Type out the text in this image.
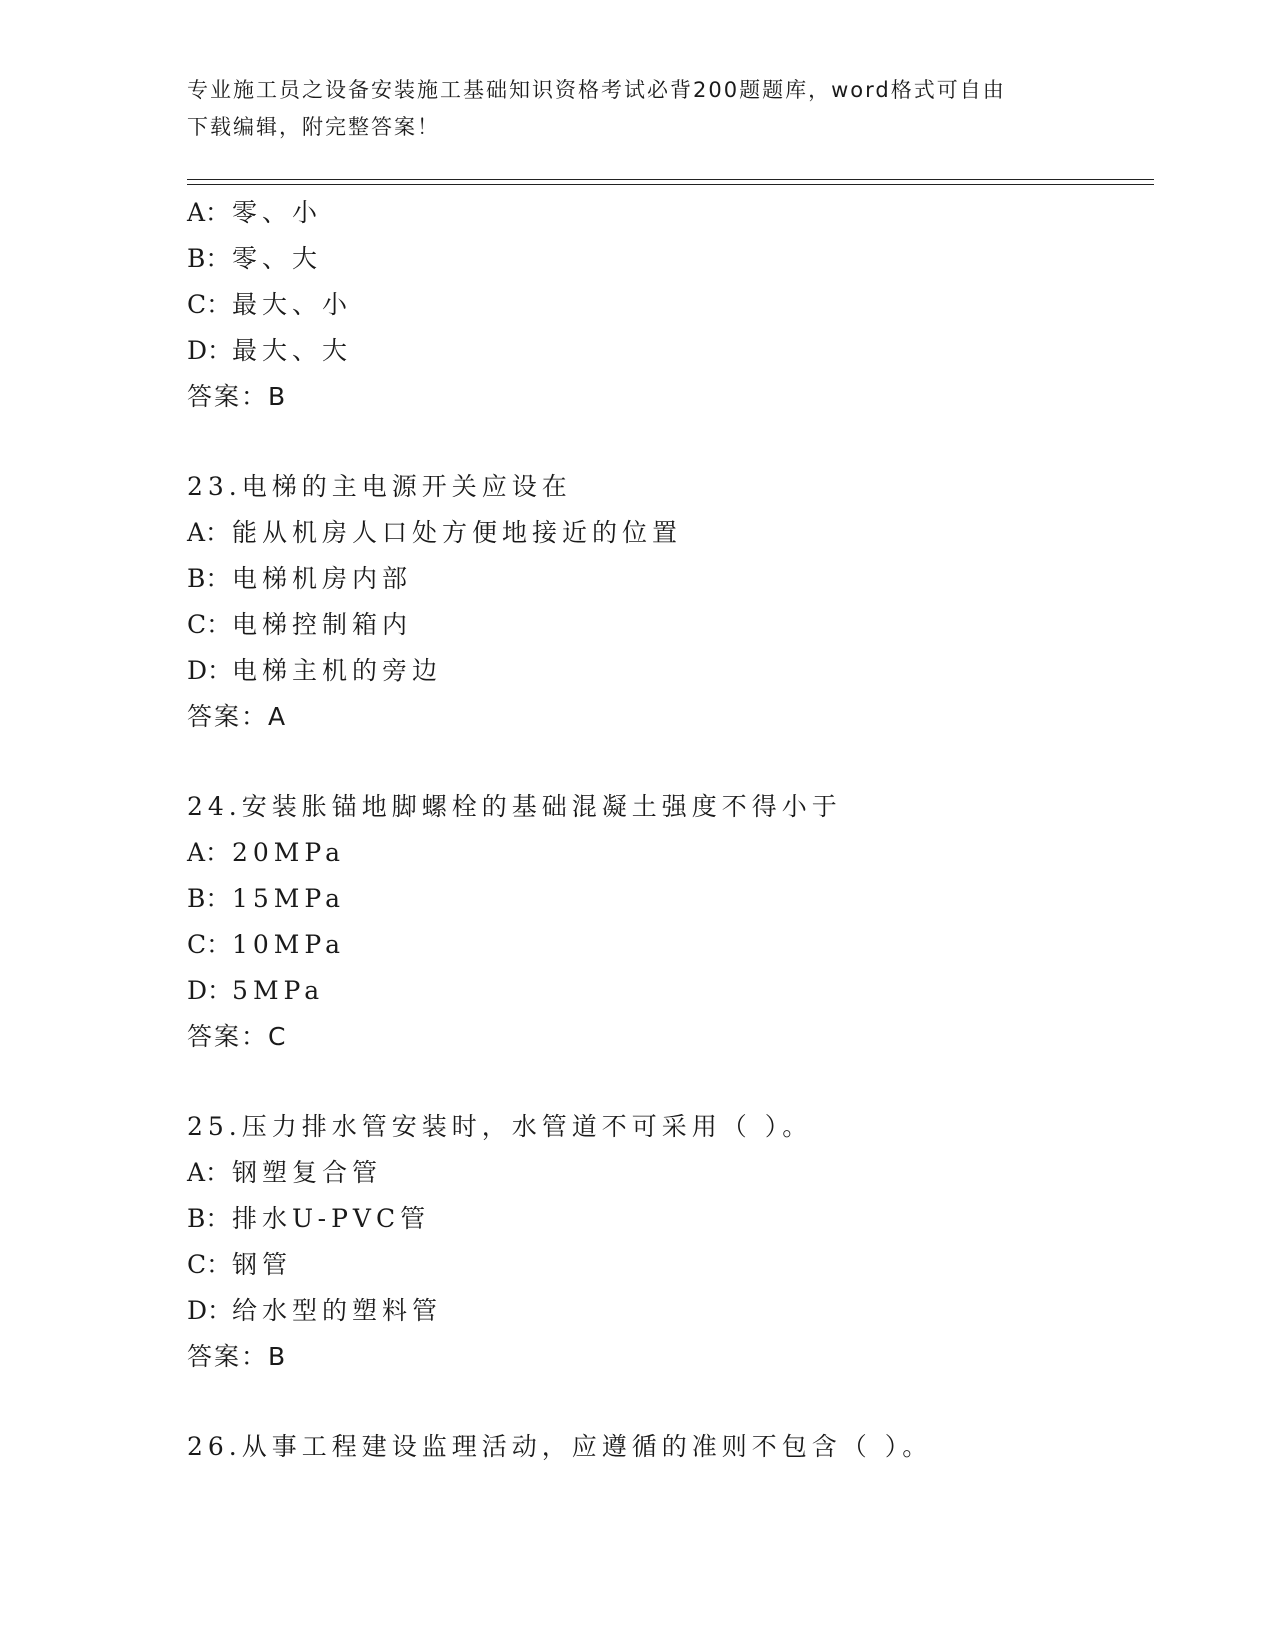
专业施工员之设备安装施工基础知识资格考试必背200题题库，word格式可自由
下载编辑，附完整答案！
A：零、小
B：零、大
C：最大、小
D：最大、大
答案：B
23.电梯的主电源开关应设在
A：能从机房人口处方便地接近的位置
B：电梯机房内部
C：电梯控制箱内
D：电梯主机的旁边
答案：A
24.安装胀锚地脚螺栓的基础混凝土强度不得小于
A：20MPa
B：15MPa
C：10MPa
D：5MPa
答案：C
25.压力排水管安装时，水管道不可采用（ ）。
A：钢塑复合管
B：排水U-PVC管
C：钢管
D：给水型的塑料管
答案：B
26.从事工程建设监理活动，应遵循的准则不包含（ ）。
